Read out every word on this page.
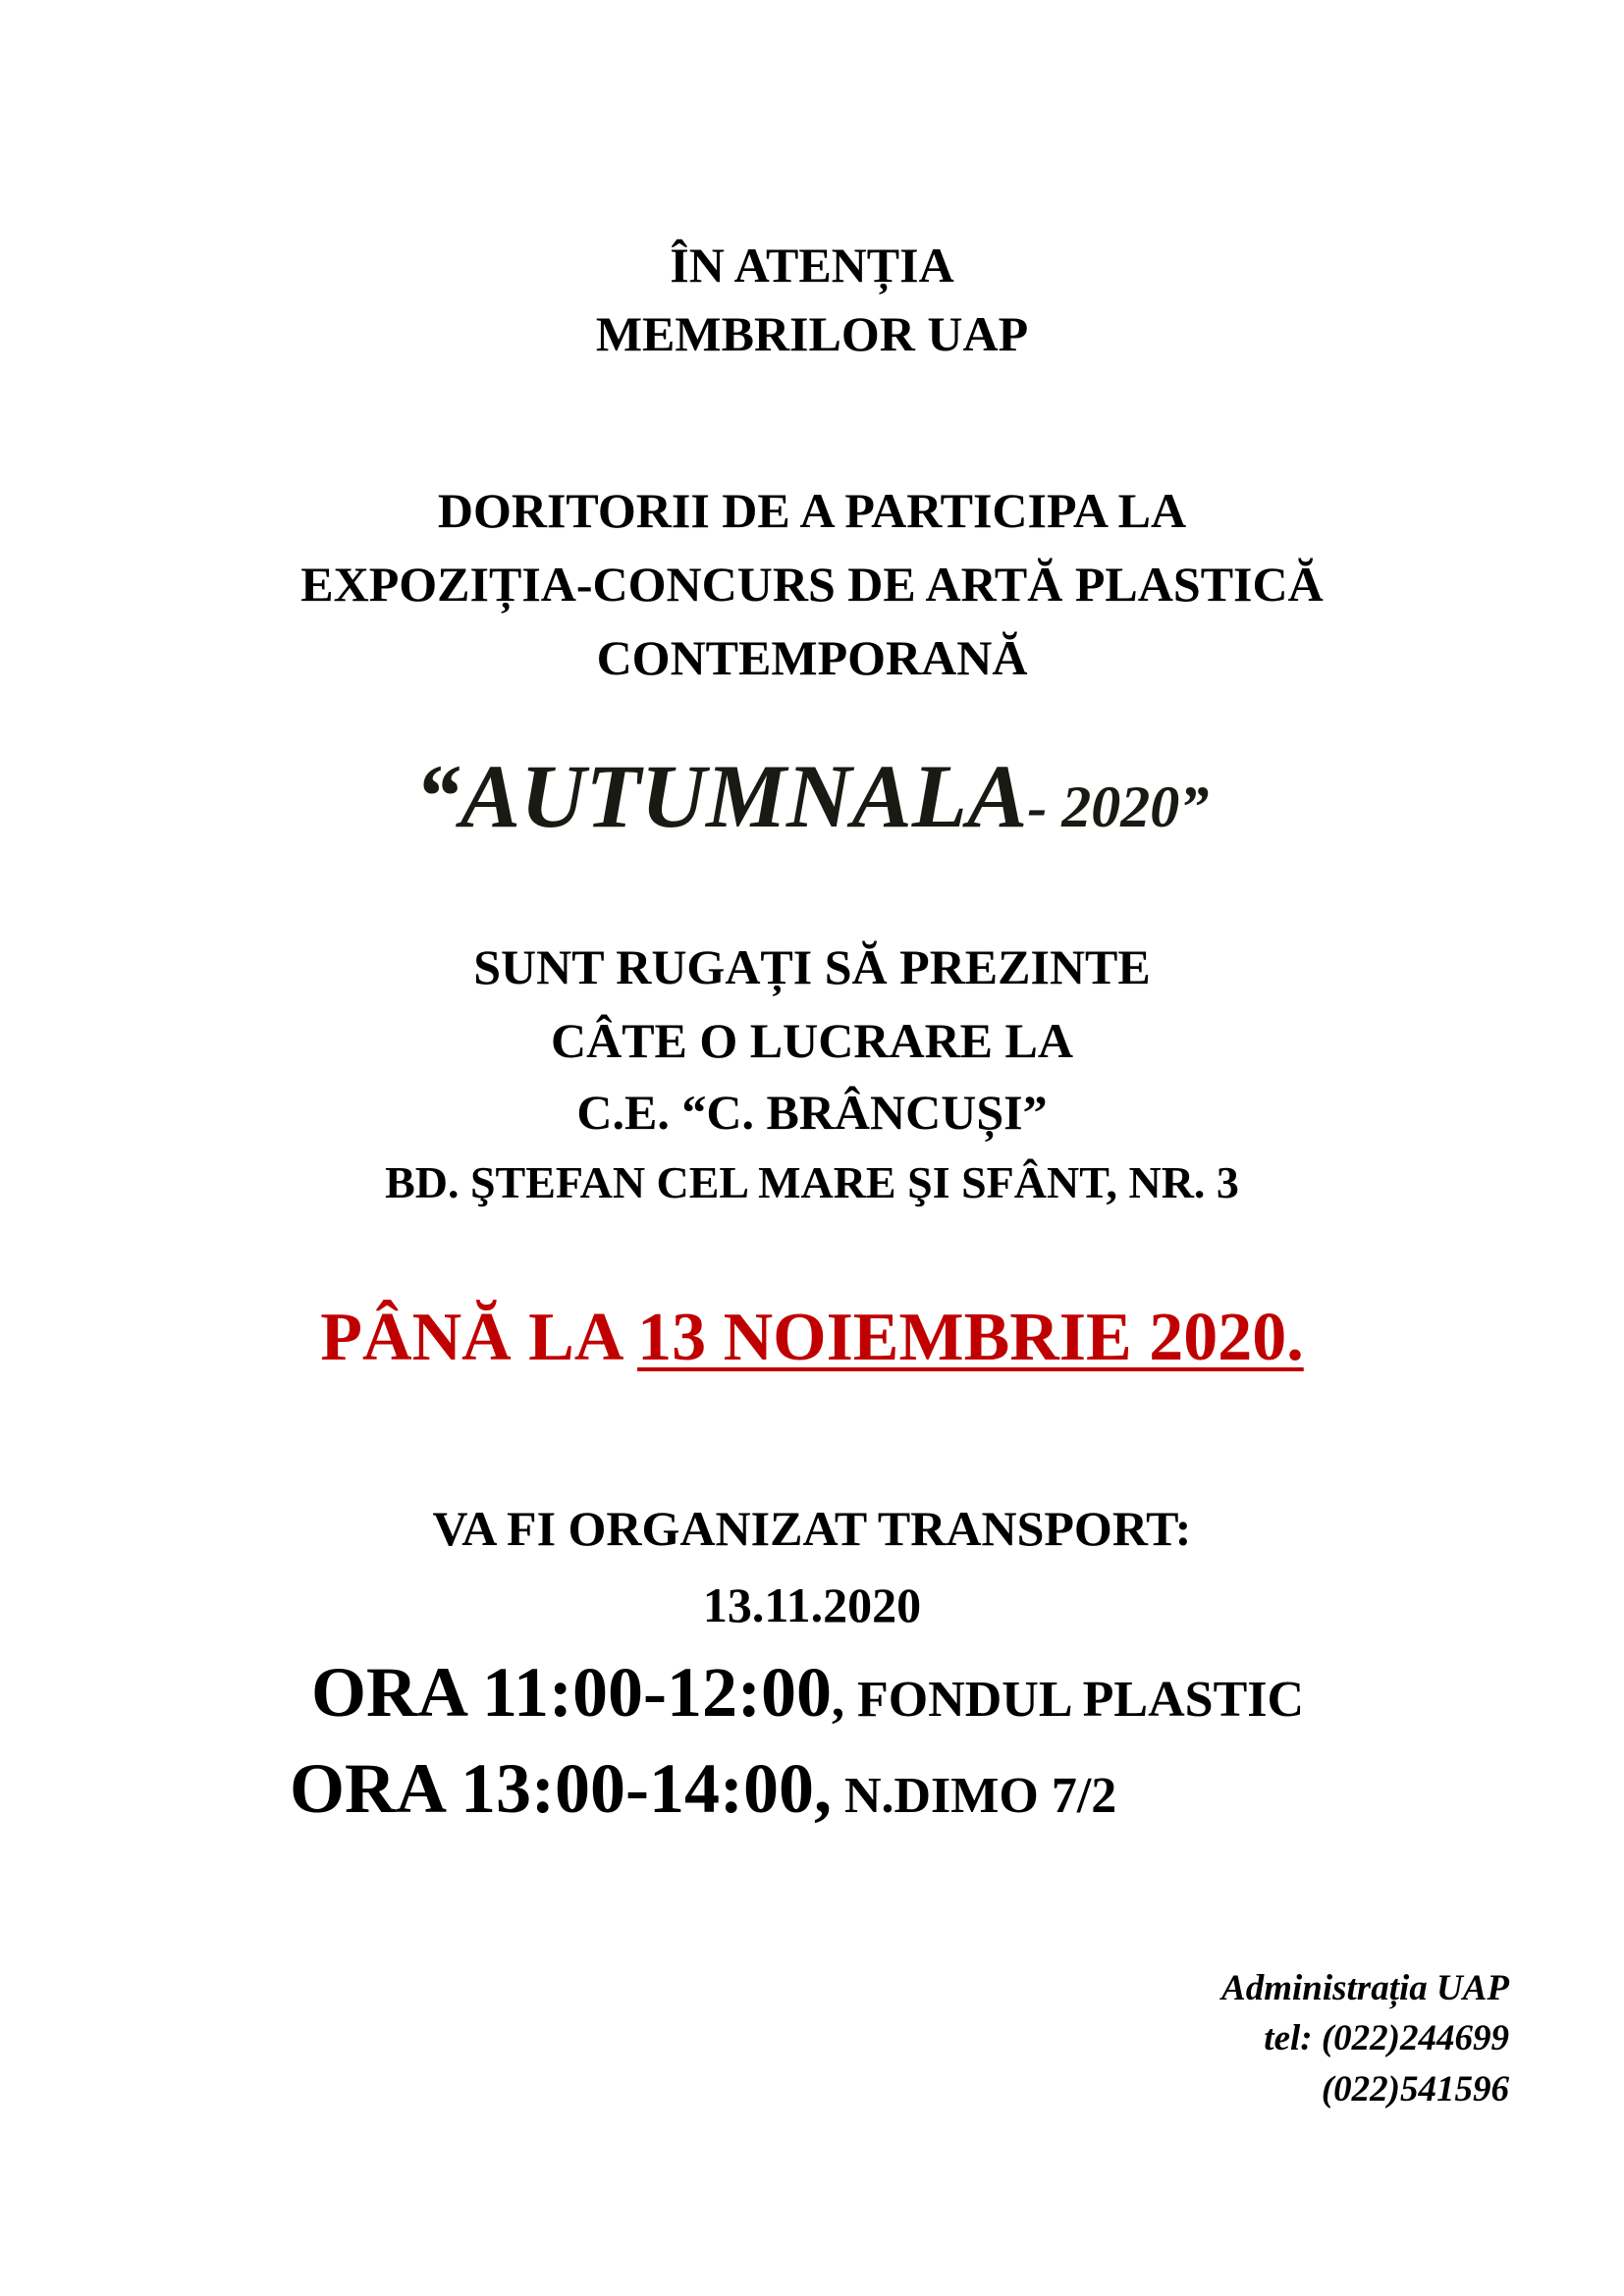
ÎN ATENȚIA
MEMBRILOR UAP
DORITORII DE A PARTICIPA LA
EXPOZIȚIA-CONCURS DE ARTĂ PLASTICĂ
CONTEMPORANĂ
“AUTUMNALA- 2020”
SUNT RUGAȚI SĂ PREZINTE
CÂTE O LUCRARE LA
C.E. “C. BRÂNCUȘI”
BD. ŞTEFAN CEL MARE ŞI SFÂNT, NR. 3
PÂNĂ LA 13 NOIEMBRIE 2020.
VA FI ORGANIZAT TRANSPORT:
13.11.2020
ORA 11:00-12:00, FONDUL PLASTIC
ORA 13:00-14:00, N.DIMO 7/2
Administrația UAP
tel: (022)244699
(022)541596
